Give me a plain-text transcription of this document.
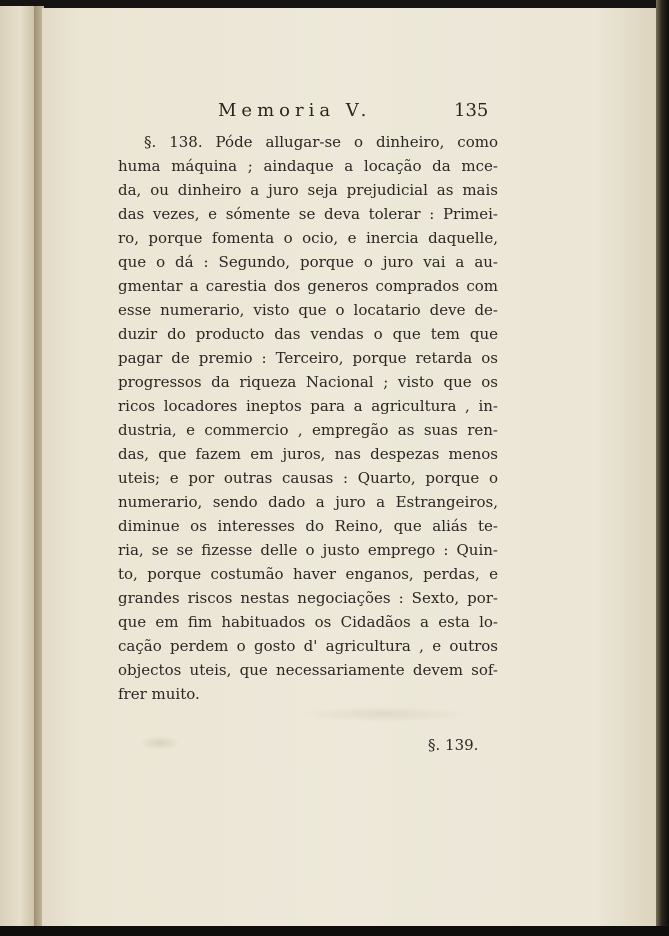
Memoria V.	135
§. 138. Póde allugar-se o dinheiro, como
huma máquina ; aindaque a locação da mce-
da, ou dinheiro a juro seja prejudicial as mais
das vezes, e sómente se deva tolerar : Primei-
ro, porque fomenta o ocio, e inercia daquelle,
que o dá : Segundo, porque o juro vai a au-
gmentar a carestia dos generos comprados com
esse numerario, visto que o locatario deve de-
duzir do producto das vendas o que tem que
pagar de premio : Terceiro, porque retarda os
progressos da riqueza Nacional ; visto que os
ricos locadores ineptos para a agricultura , in-
dustria, e commercio , empregão as suas ren-
das, que fazem em juros, nas despezas menos
uteis; e por outras causas : Quarto, porque o
numerario, sendo dado a juro a Estrangeiros,
diminue os interesses do Reino, que aliás te-
ria, se se fizesse delle o justo emprego : Quin-
to, porque costumão haver enganos, perdas, e
grandes riscos nestas negociações : Sexto, por-
que em fim habituados os Cidadãos a esta lo-
cação perdem o gosto d' agricultura , e outros
objectos uteis, que necessariamente devem sof-
frer muito.
§. 139.
